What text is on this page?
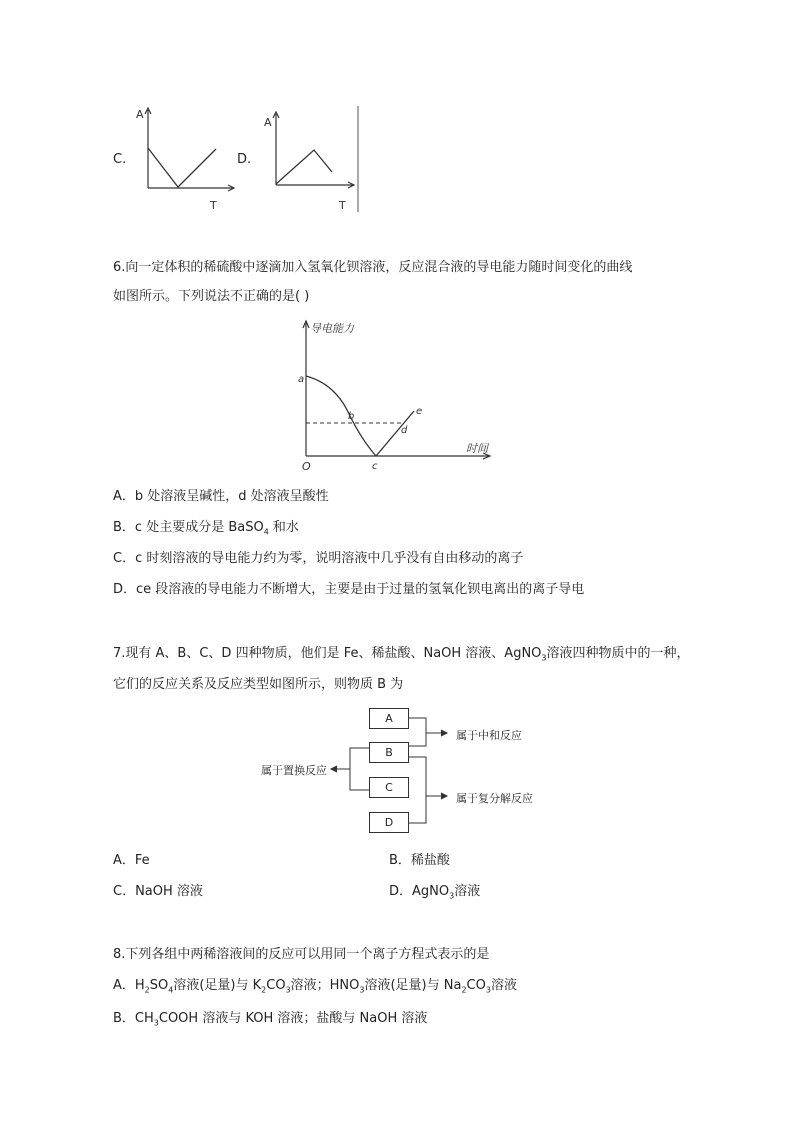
C.
A
T
D.
A
T
6.向一定体积的稀硫酸中逐滴加入氢氧化钡溶液，反应混合液的导电能力随时间变化的曲线
如图所示。下列说法不正确的是( )
导电能力
时间
O
a
b
c
d
e
A．b 处溶液呈碱性，d 处溶液呈酸性
B．c 处主要成分是 BaSO$_4$ 和水
C．c 时刻溶液的导电能力约为零，说明溶液中几乎没有自由移动的离子
D．ce 段溶液的导电能力不断增大，主要是由于过量的氢氧化钡电离出的离子导电
7.现有 A、B、C、D 四种物质，他们是 Fe、稀盐酸、NaOH 溶液、AgNO$_3$溶液四种物质中的一种，
它们的反应关系及反应类型如图所示，则物质 B 为
A
B
C
D
属于中和反应
属于置换反应
属于复分解反应
A．Fe	B．稀盐酸
C．NaOH 溶液	D．AgNO$_3$溶液
8.下列各组中两稀溶液间的反应可以用同一个离子方程式表示的是
A．$H_2SO_4$溶液(足量)与 $K_2CO_3$溶液；$HNO_3$溶液(足量)与 $Na_2CO_3$溶液
B．$CH_3COOH$ 溶液与 KOH 溶液；盐酸与 NaOH 溶液
